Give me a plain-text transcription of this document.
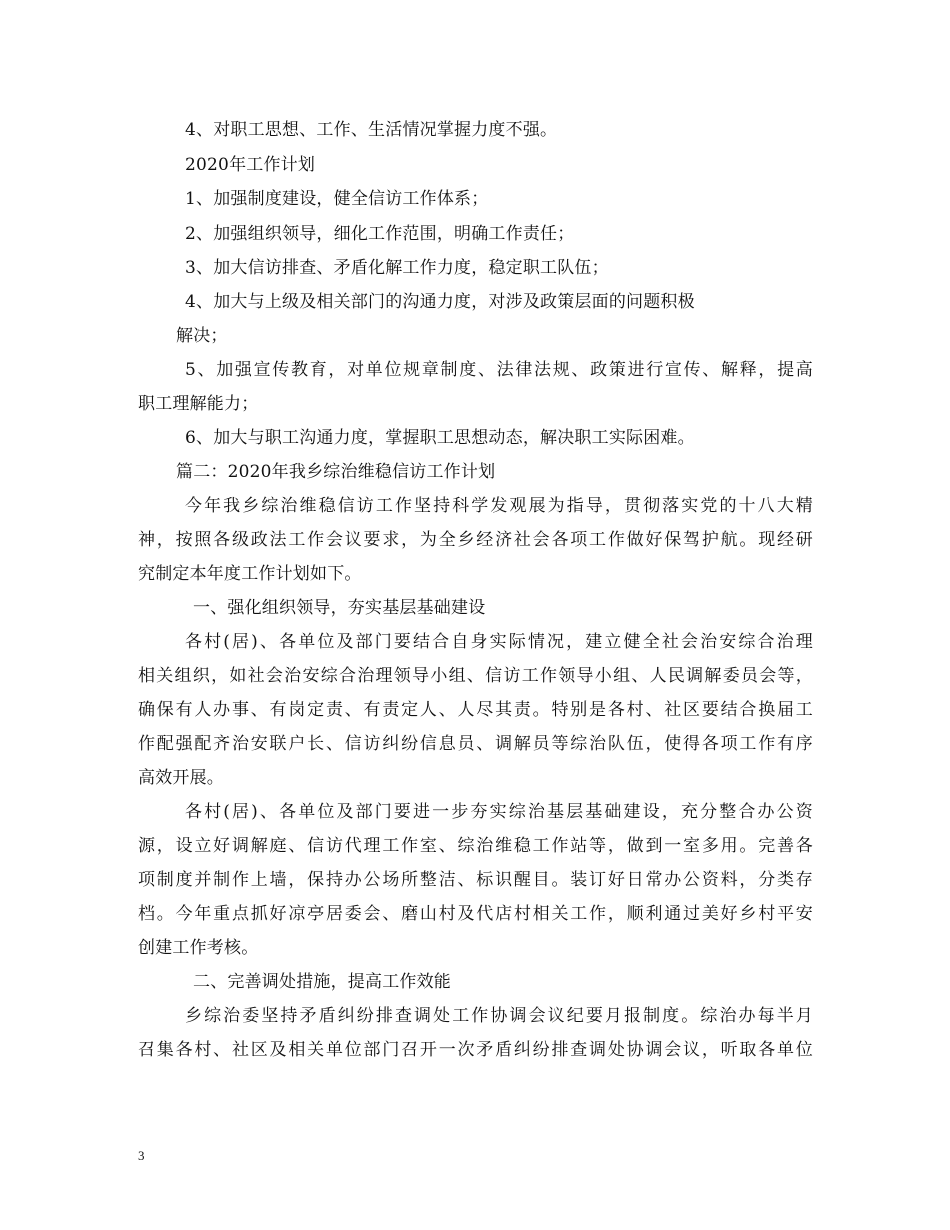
4、对职工思想、工作、生活情况掌握力度不强。
2020年工作计划
1、加强制度建设，健全信访工作体系；
2、加强组织领导，细化工作范围，明确工作责任；
3、加大信访排查、矛盾化解工作力度，稳定职工队伍；
4、加大与上级及相关部门的沟通力度，对涉及政策层面的问题积极
解决；
5、加强宣传教育，对单位规章制度、法律法规、政策进行宣传、解释，提高
职工理解能力；
6、加大与职工沟通力度，掌握职工思想动态，解决职工实际困难。
篇二：2020年我乡综治维稳信访工作计划
今年我乡综治维稳信访工作坚持科学发观展为指导，贯彻落实党的十八大精
神，按照各级政法工作会议要求，为全乡经济社会各项工作做好保驾护航。现经研
究制定本年度工作计划如下。
一、强化组织领导，夯实基层基础建设
各村(居)、各单位及部门要结合自身实际情况，建立健全社会治安综合治理
相关组织，如社会治安综合治理领导小组、信访工作领导小组、人民调解委员会等，
确保有人办事、有岗定责、有责定人、人尽其责。特别是各村、社区要结合换届工
作配强配齐治安联户长、信访纠纷信息员、调解员等综治队伍，使得各项工作有序
高效开展。
各村(居)、各单位及部门要进一步夯实综治基层基础建设，充分整合办公资
源，设立好调解庭、信访代理工作室、综治维稳工作站等，做到一室多用。完善各
项制度并制作上墙，保持办公场所整洁、标识醒目。装订好日常办公资料，分类存
档。今年重点抓好凉亭居委会、磨山村及代店村相关工作，顺利通过美好乡村平安
创建工作考核。
二、完善调处措施，提高工作效能
乡综治委坚持矛盾纠纷排查调处工作协调会议纪要月报制度。综治办每半月
召集各村、社区及相关单位部门召开一次矛盾纠纷排查调处协调会议，听取各单位
3
